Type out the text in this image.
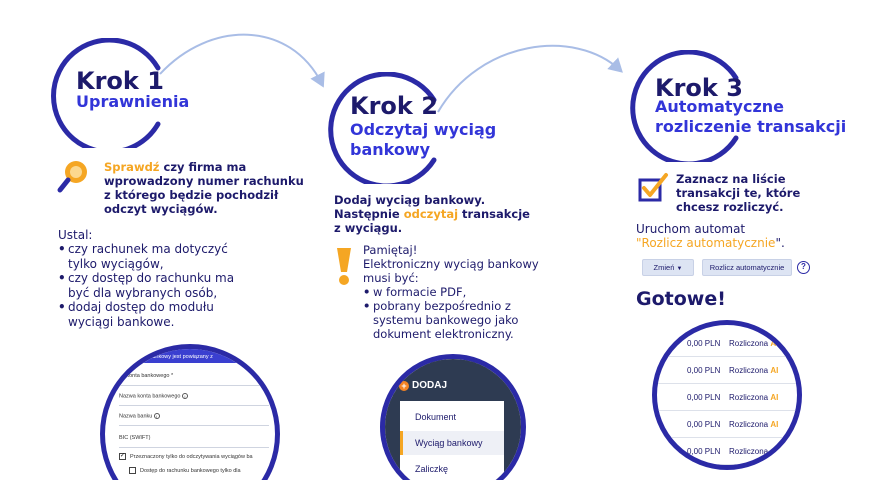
Krok 1
Uprawnienia
Sprawdź czy firma ma wprowadzony numer rachunku z którego będzie pochodził odczyt wyciągów.
Ustal:
• czy rachunek ma dotyczyć tylko wyciągów,
• czy dostęp do rachunku ma być dla wybranych osób,
• dodaj dostęp do modułu wyciągi bankowe.
Rachunek bankowy jest powiązany z
Nr konta bankowego *
Nazwa konta bankowego i
Nazwa banku i
BIC (SWIFT)
✓ Przeznaczony tylko do odczytywania wyciągów ba
Dostęp do rachunku bankowego tylko dla
Krok 2
Odczytaj wyciąg bankowy
Dodaj wyciąg bankowy.
Następnie odczytaj transakcje z wyciągu.
Pamiętaj!
Elektroniczny wyciąg bankowy musi być:
• w formacie PDF,
• pobrany bezpośrednio z systemu bankowego jako dokument elektroniczny.
+ DODAJ
Dokument
Wyciąg bankowy
Zaliczkę
Krok 3
Automatyczne rozliczenie transakcji
Zaznacz na liście transakcji te, które chcesz rozliczyć.
Uruchom automat
"Rozlicz automatycznie".
Zmień ▼	Rozlicz automatycznie	?
Gotowe!
0,00 PLN Rozliczona AI
0,00 PLN Rozliczona AI
0,00 PLN Rozliczona AI
0,00 PLN Rozliczona AI
0,00 PLN Rozliczona AI
